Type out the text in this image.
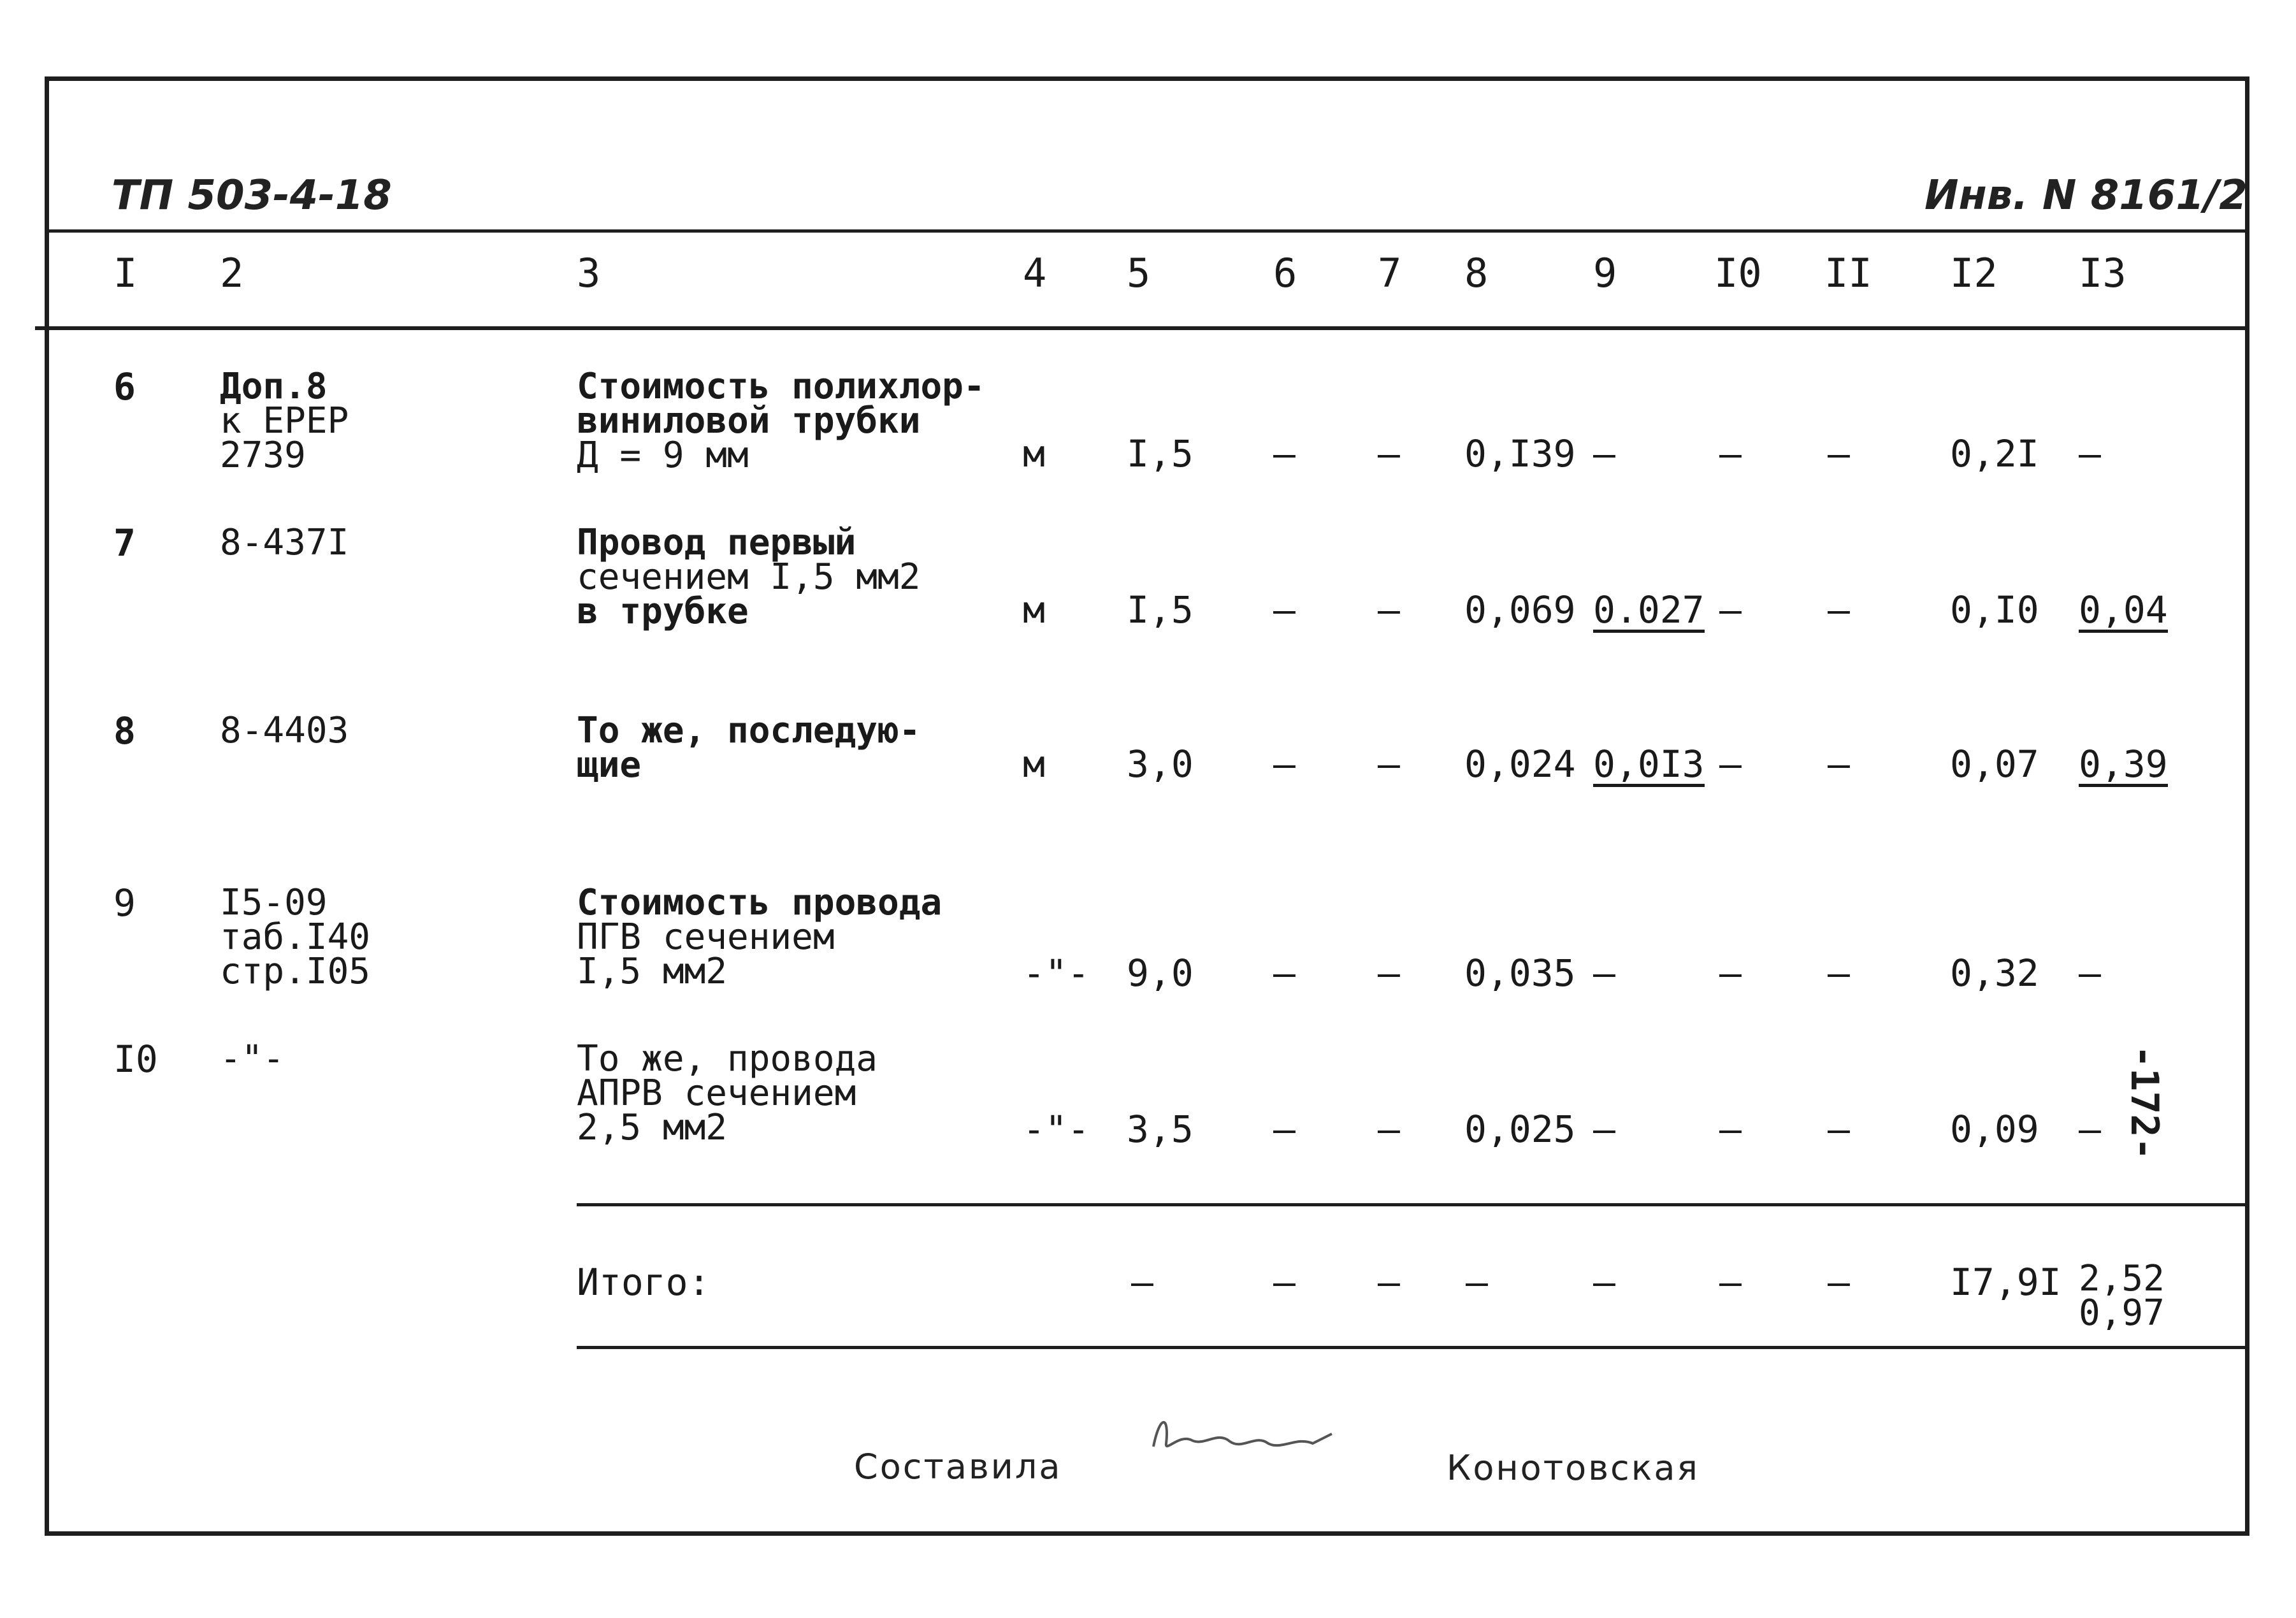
ТП 503-4-18	Инв. N 8161/2
I 2	3	4 5	6 7 8	9 I0 II I2 I3
6 Доп.8
к ЕРЕР
2739
Стоимость полихлор-
виниловой трубки
Д = 9 мм	м I,5 – – 0,I39 –	– –	0,2I –
7 8-437I	Провод первый
сечением I,5 мм2
в трубке	м I,5 – – 0,069 0.027 – –	0,I0 0,04
8 8-4403	То же, последую-
щие	м 3,0 – – 0,024 0,0I3 – –	0,07 0,39
9 I5-09
таб.I40
стр.I05
Стоимость провода
ПГВ сечением
I,5 мм2	-"- 9,0 – – 0,035 –	– –	0,32 –
I0 -"-	То же, провода
АПРВ сечением
2,5 мм2	-"- 3,5 – – 0,025 –	– –	0,09 –
Итого:	–	– – –	–	– –	I7,9I 2,52
0,97
-172-
Составила	Конотовская
